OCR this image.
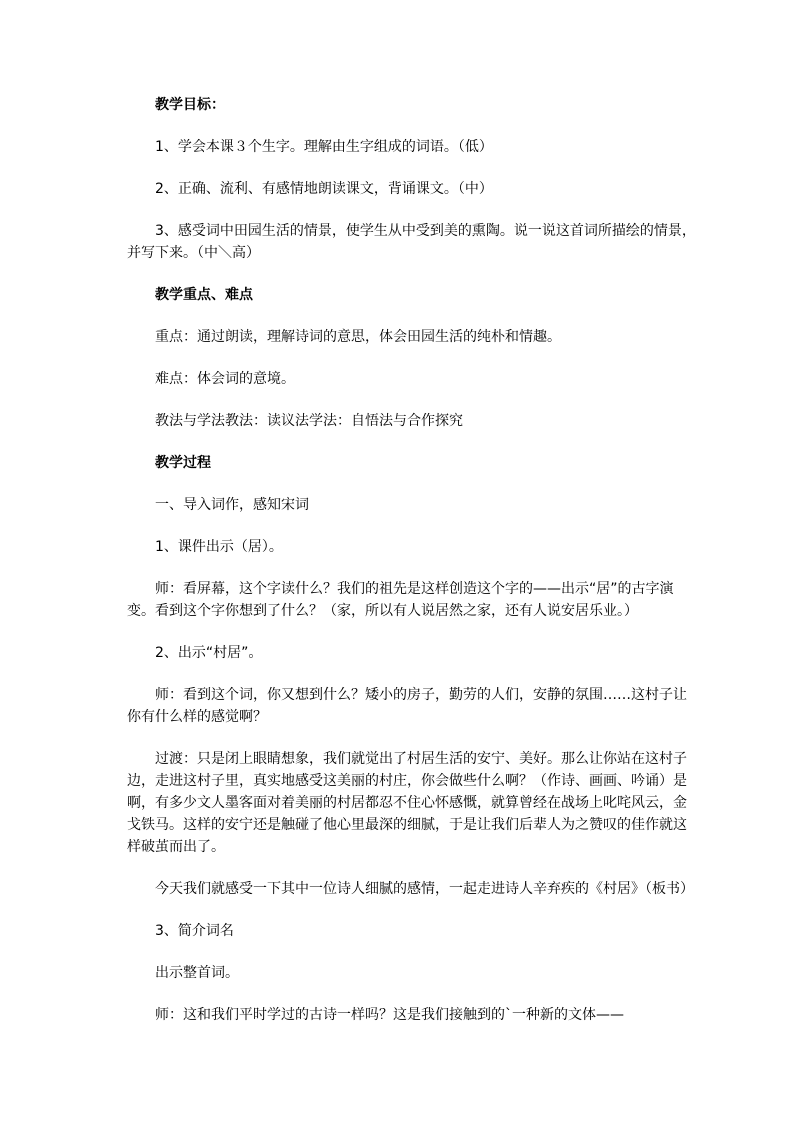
教学目标：

1、学会本课３个生字。理解由生字组成的词语。（低）

2、正确、流利、有感情地朗读课文，背诵课文。（中）

3、感受词中田园生活的情景，使学生从中受到美的熏陶。说一说这首词所描绘的情景，并写下来。（中＼高）

教学重点、难点

重点：通过朗读，理解诗词的意思，体会田园生活的纯朴和情趣。

难点：体会词的意境。

教法与学法教法：读议法学法：自悟法与合作探究

教学过程

一、导入词作，感知宋词

1、课件出示（居）。

师：看屏幕，这个字读什么？我们的祖先是这样创造这个字的——出示“居”的古字演变。看到这个字你想到了什么？（家，所以有人说居然之家，还有人说安居乐业。）

2、出示“村居”。

师：看到这个词，你又想到什么？矮小的房子，勤劳的人们，安静的氛围……这村子让你有什么样的感觉啊？

过渡：只是闭上眼睛想象，我们就觉出了村居生活的安宁、美好。那么让你站在这村子边，走进这村子里，真实地感受这美丽的村庄，你会做些什么啊？（作诗、画画、吟诵）是啊，有多少文人墨客面对着美丽的村居都忍不住心怀感慨，就算曾经在战场上叱咤风云，金戈铁马。这样的安宁还是触碰了他心里最深的细腻，于是让我们后辈人为之赞叹的佳作就这样破茧而出了。

今天我们就感受一下其中一位诗人细腻的感情，一起走进诗人辛弃疾的《村居》（板书）

3、简介词名

出示整首词。

师：这和我们平时学过的古诗一样吗？这是我们接触到的`一种新的文体——
